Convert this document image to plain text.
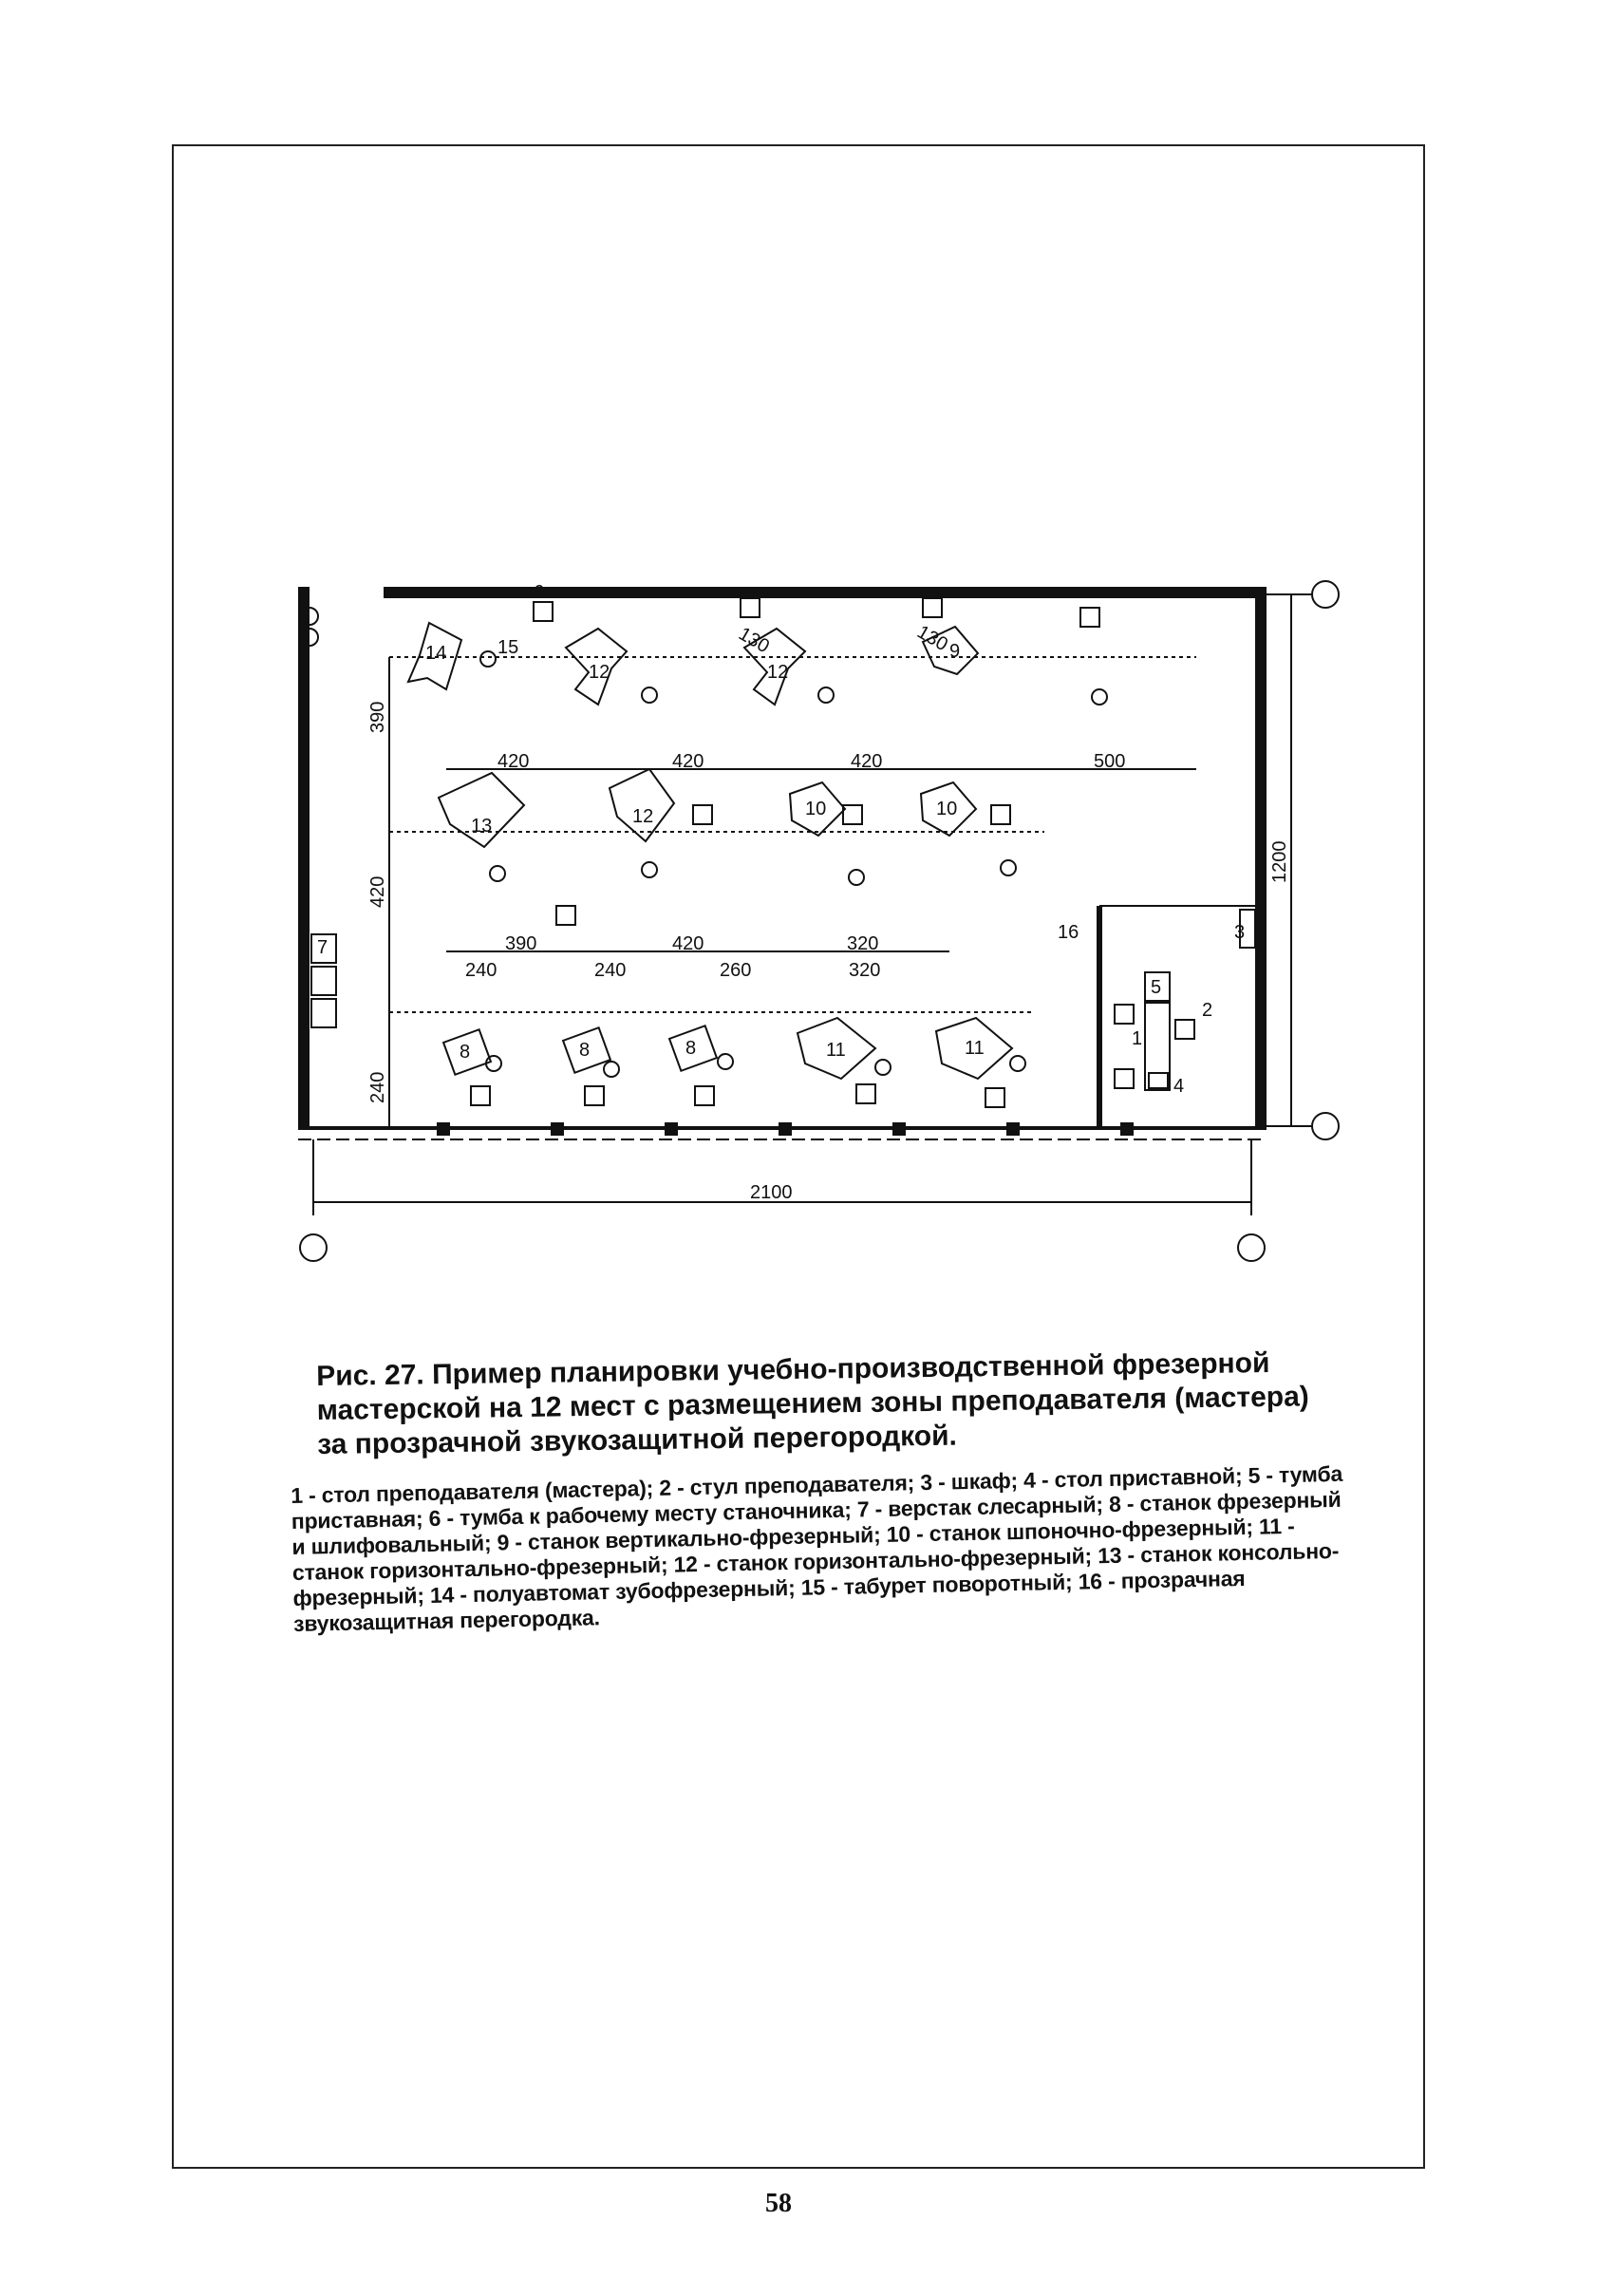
14
12	12
9
13	12	10	10
8	8	8	11	11
5
3
2
1
4
16
7
6
15
420	420	420	500
390	420	320
240	240	260	320
130	130
390
420
240
1200
2100
Рис. 27. Пример планировки учебно-производственной фрезерной мастерской на 12 мест с размещением зоны преподавателя (мастера) за прозрачной звукозащитной перегородкой.
1 - стол преподавателя (мастера); 2 - стул преподавателя; 3 - шкаф; 4 - стол приставной; 5 - тумба приставная; 6 - тумба к рабочему месту станочника; 7 - верстак слесарный; 8 - станок фрезерный и шлифовальный; 9 - станок вертикально-фрезерный; 10 - станок шпоночно-фрезерный; 11 - станок горизонтально-фрезерный; 12 - станок горизонтально-фрезерный; 13 - станок консольно-фрезерный; 14 - полуавтомат зубофрезерный; 15 - табурет поворотный; 16 - прозрачная звукозащитная перегородка.
58
